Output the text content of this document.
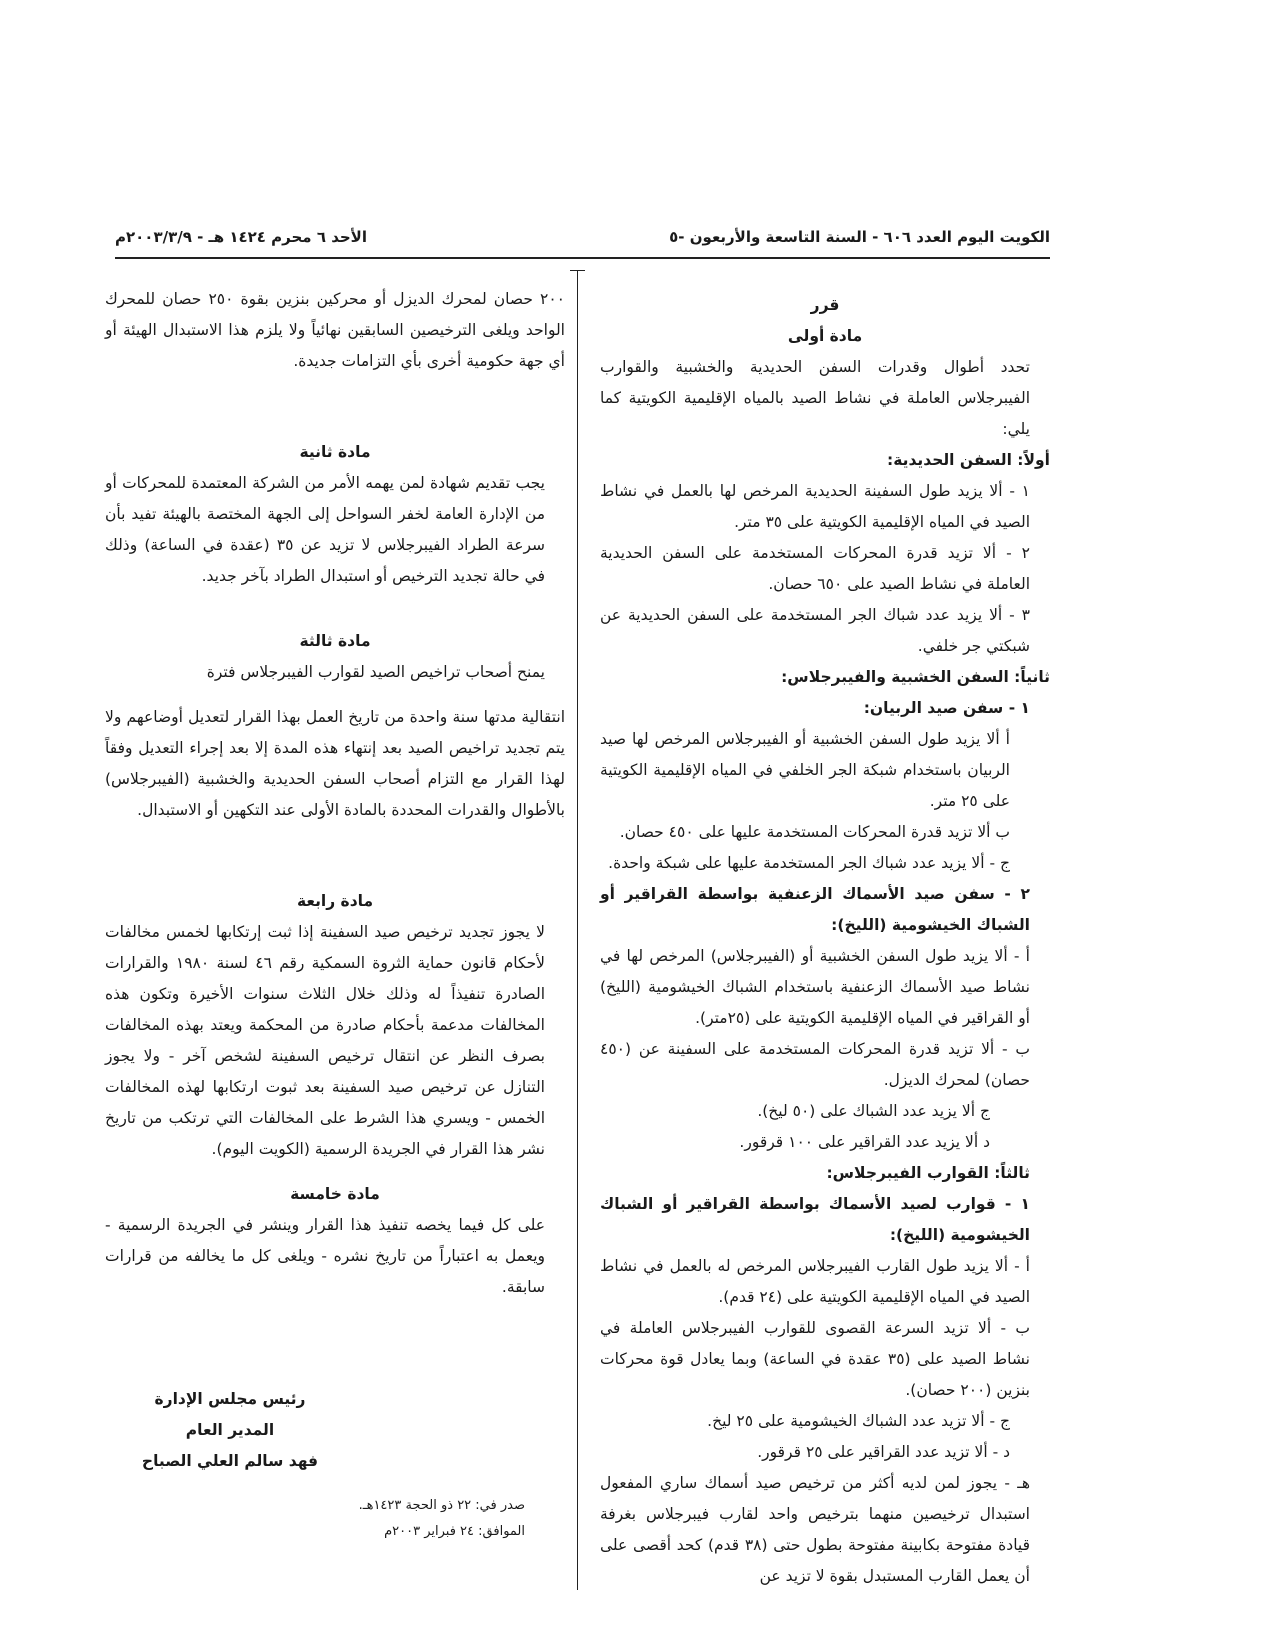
الكويت اليوم العدد ٦٠٦ - السنة التاسعة والأربعون -٥
الأحد ٦ محرم ١٤٢٤ هـ - ٢٠٠٣/٣/٩م

قرر

مادة أولى

تحدد أطوال وقدرات السفن الحديدية والخشبية والقوارب الفيبرجلاس العاملة في نشاط الصيد بالمياه الإقليمية الكويتية كما يلي:

أولاً: السفن الحديدية:

١ - ألا يزيد طول السفينة الحديدية المرخص لها بالعمل في نشاط الصيد في المياه الإقليمية الكويتية على ٣٥ متر.

٢ - ألا تزيد قدرة المحركات المستخدمة على السفن الحديدية العاملة في نشاط الصيد على ٦٥٠ حصان.

٣ - ألا يزيد عدد شباك الجر المستخدمة على السفن الحديدية عن شبكتي جر خلفي.

ثانياً: السفن الخشبية والفيبرجلاس:

١ - سفن صيد الربيان:

أ ألا يزيد طول السفن الخشبية أو الفيبرجلاس المرخص لها صيد الربيان باستخدام شبكة الجر الخلفي في المياه الإقليمية الكويتية على ٢٥ متر.

ب ألا تزيد قدرة المحركات المستخدمة عليها على ٤٥٠ حصان.

ج - ألا يزيد عدد شباك الجر المستخدمة عليها على شبكة واحدة.

٢ - سفن صيد الأسماك الزعنفية بواسطة القراقير أو الشباك الخيشومية (الليخ):

أ - ألا يزيد طول السفن الخشبية أو (الفيبرجلاس) المرخص لها في نشاط صيد الأسماك الزعنفية باستخدام الشباك الخيشومية (الليخ) أو القراقير في المياه الإقليمية الكويتية على (٢٥متر).

ب - ألا تزيد قدرة المحركات المستخدمة على السفينة عن (٤٥٠ حصان) لمحرك الديزل.

ج ألا يزيد عدد الشباك على (٥٠ ليخ).

د ألا يزيد عدد القراقير على ١٠٠ قرقور.

ثالثاً: القوارب الفيبرجلاس:

١ - قوارب لصيد الأسماك بواسطة القراقير أو الشباك الخيشومية (الليخ):

أ - ألا يزيد طول القارب الفيبرجلاس المرخص له بالعمل في نشاط الصيد في المياه الإقليمية الكويتية على (٢٤ قدم).

ب - ألا تزيد السرعة القصوى للقوارب الفيبرجلاس العاملة في نشاط الصيد على (٣٥ عقدة في الساعة) وبما يعادل قوة محركات بنزين (٢٠٠ حصان).

ج - ألا تزيد عدد الشباك الخيشومية على ٢٥ ليخ.

د - ألا تزيد عدد القراقير على ٢٥ قرقور.

هـ - يجوز لمن لديه أكثر من ترخيص صيد أسماك ساري المفعول استبدال ترخيصين منهما بترخيص واحد لقارب فيبرجلاس بغرفة قيادة مفتوحة بكابينة مفتوحة بطول حتى (٣٨ قدم) كحد أقصى على أن يعمل القارب المستبدل بقوة لا تزيد عن

٢٠٠ حصان لمحرك الديزل أو محركين بنزين بقوة ٢٥٠ حصان للمحرك الواحد ويلغى الترخيصين السابقين نهائياً ولا يلزم هذا الاستبدال الهيئة أو أي جهة حكومية أخرى بأي التزامات جديدة.

مادة ثانية

يجب تقديم شهادة لمن يهمه الأمر من الشركة المعتمدة للمحركات أو من الإدارة العامة لخفر السواحل إلى الجهة المختصة بالهيئة تفيد بأن سرعة الطراد الفيبرجلاس لا تزيد عن ٣٥ (عقدة في الساعة) وذلك في حالة تجديد الترخيص أو استبدال الطراد بآخر جديد.

مادة ثالثة

يمنح أصحاب تراخيص الصيد لقوارب الفيبرجلاس فترة

انتقالية مدتها سنة واحدة من تاريخ العمل بهذا القرار لتعديل أوضاعهم ولا يتم تجديد تراخيص الصيد بعد إنتهاء هذه المدة إلا بعد إجراء التعديل وفقاً لهذا القرار مع التزام أصحاب السفن الحديدية والخشبية (الفيبرجلاس) بالأطوال والقدرات المحددة بالمادة الأولى عند التكهين أو الاستبدال.

مادة رابعة

لا يجوز تجديد ترخيص صيد السفينة إذا ثبت إرتكابها لخمس مخالفات لأحكام قانون حماية الثروة السمكية رقم ٤٦ لسنة ١٩٨٠ والقرارات الصادرة تنفيذاً له وذلك خلال الثلاث سنوات الأخيرة وتكون هذه المخالفات مدعمة بأحكام صادرة من المحكمة ويعتد بهذه المخالفات بصرف النظر عن انتقال ترخيص السفينة لشخص آخر - ولا يجوز التنازل عن ترخيص صيد السفينة بعد ثبوت ارتكابها لهذه المخالفات الخمس - ويسري هذا الشرط على المخالفات التي ترتكب من تاريخ نشر هذا القرار في الجريدة الرسمية (الكويت اليوم).

مادة خامسة

على كل فيما يخصه تنفيذ هذا القرار وينشر في الجريدة الرسمية - ويعمل به اعتباراً من تاريخ نشره - ويلغى كل ما يخالفه من قرارات سابقة.

رئيس مجلس الإدارة
المدير العام
فهد سالم العلي الصباح
صدر في: ٢٢ ذو الحجة ١٤٢٣هـ.
الموافق: ٢٤ فبراير ٢٠٠٣م
